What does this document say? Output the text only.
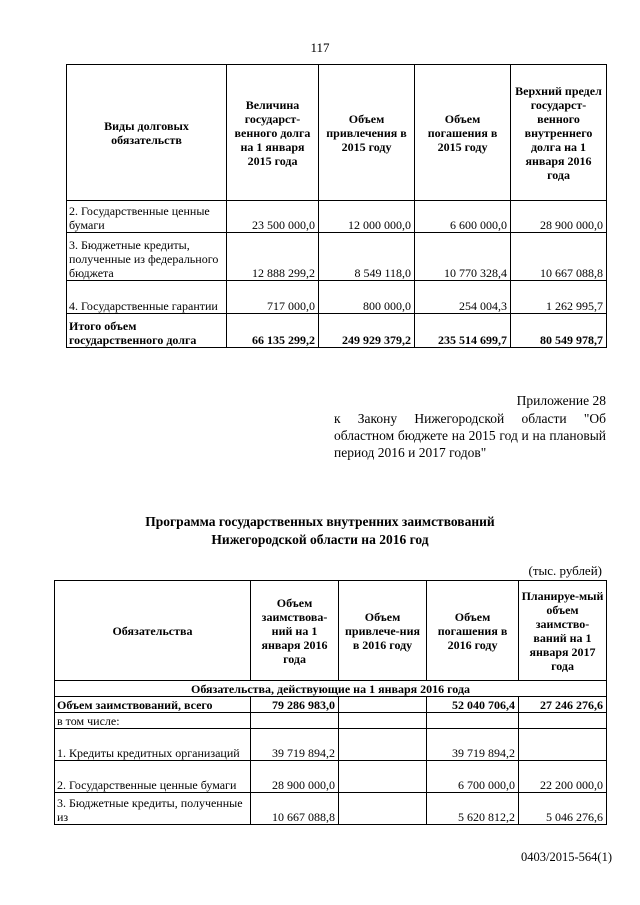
117
Виды долговых обязательств	Величина государст-венного долга на 1 января 2015 года	Объем привлечения в 2015 году	Объем погашения в 2015 году	Верхний предел государст-венного внутреннего долга на 1 января 2016 года
2. Государственные ценные бумаги	23 500 000,0	12 000 000,0	6 600 000,0	28 900 000,0
3. Бюджетные кредиты, полученные из федерального бюджета	12 888 299,2	8 549 118,0	10 770 328,4	10 667 088,8
4. Государственные гарантии	717 000,0	800 000,0	254 004,3	1 262 995,7
Итого объем государственного долга	66 135 299,2	249 929 379,2	235 514 699,7	80 549 978,7
Приложение 28
к Закону Нижегородской области "Об областном бюджете на 2015 год и на плановый период 2016 и 2017 годов"
Программа государственных внутренних заимствований
Нижегородской области на 2016 год
(тыс. рублей)
Обязательства	Объем заимствова-ний на 1 января 2016 года	Объем привлече-ния в 2016 году	Объем погашения в 2016 году	Планируе-мый объем заимство-ваний на 1 января 2017 года
Обязательства, действующие на 1 января 2016 года				
Объем заимствований, всего	79 286 983,0		52 040 706,4	27 246 276,6
в том числе:				
1. Кредиты кредитных организаций	39 719 894,2		39 719 894,2	
2. Государственные ценные бумаги	28 900 000,0		6 700 000,0	22 200 000,0
3. Бюджетные кредиты, полученные из	10 667 088,8		5 620 812,2	5 046 276,6
0403/2015-564(1)
